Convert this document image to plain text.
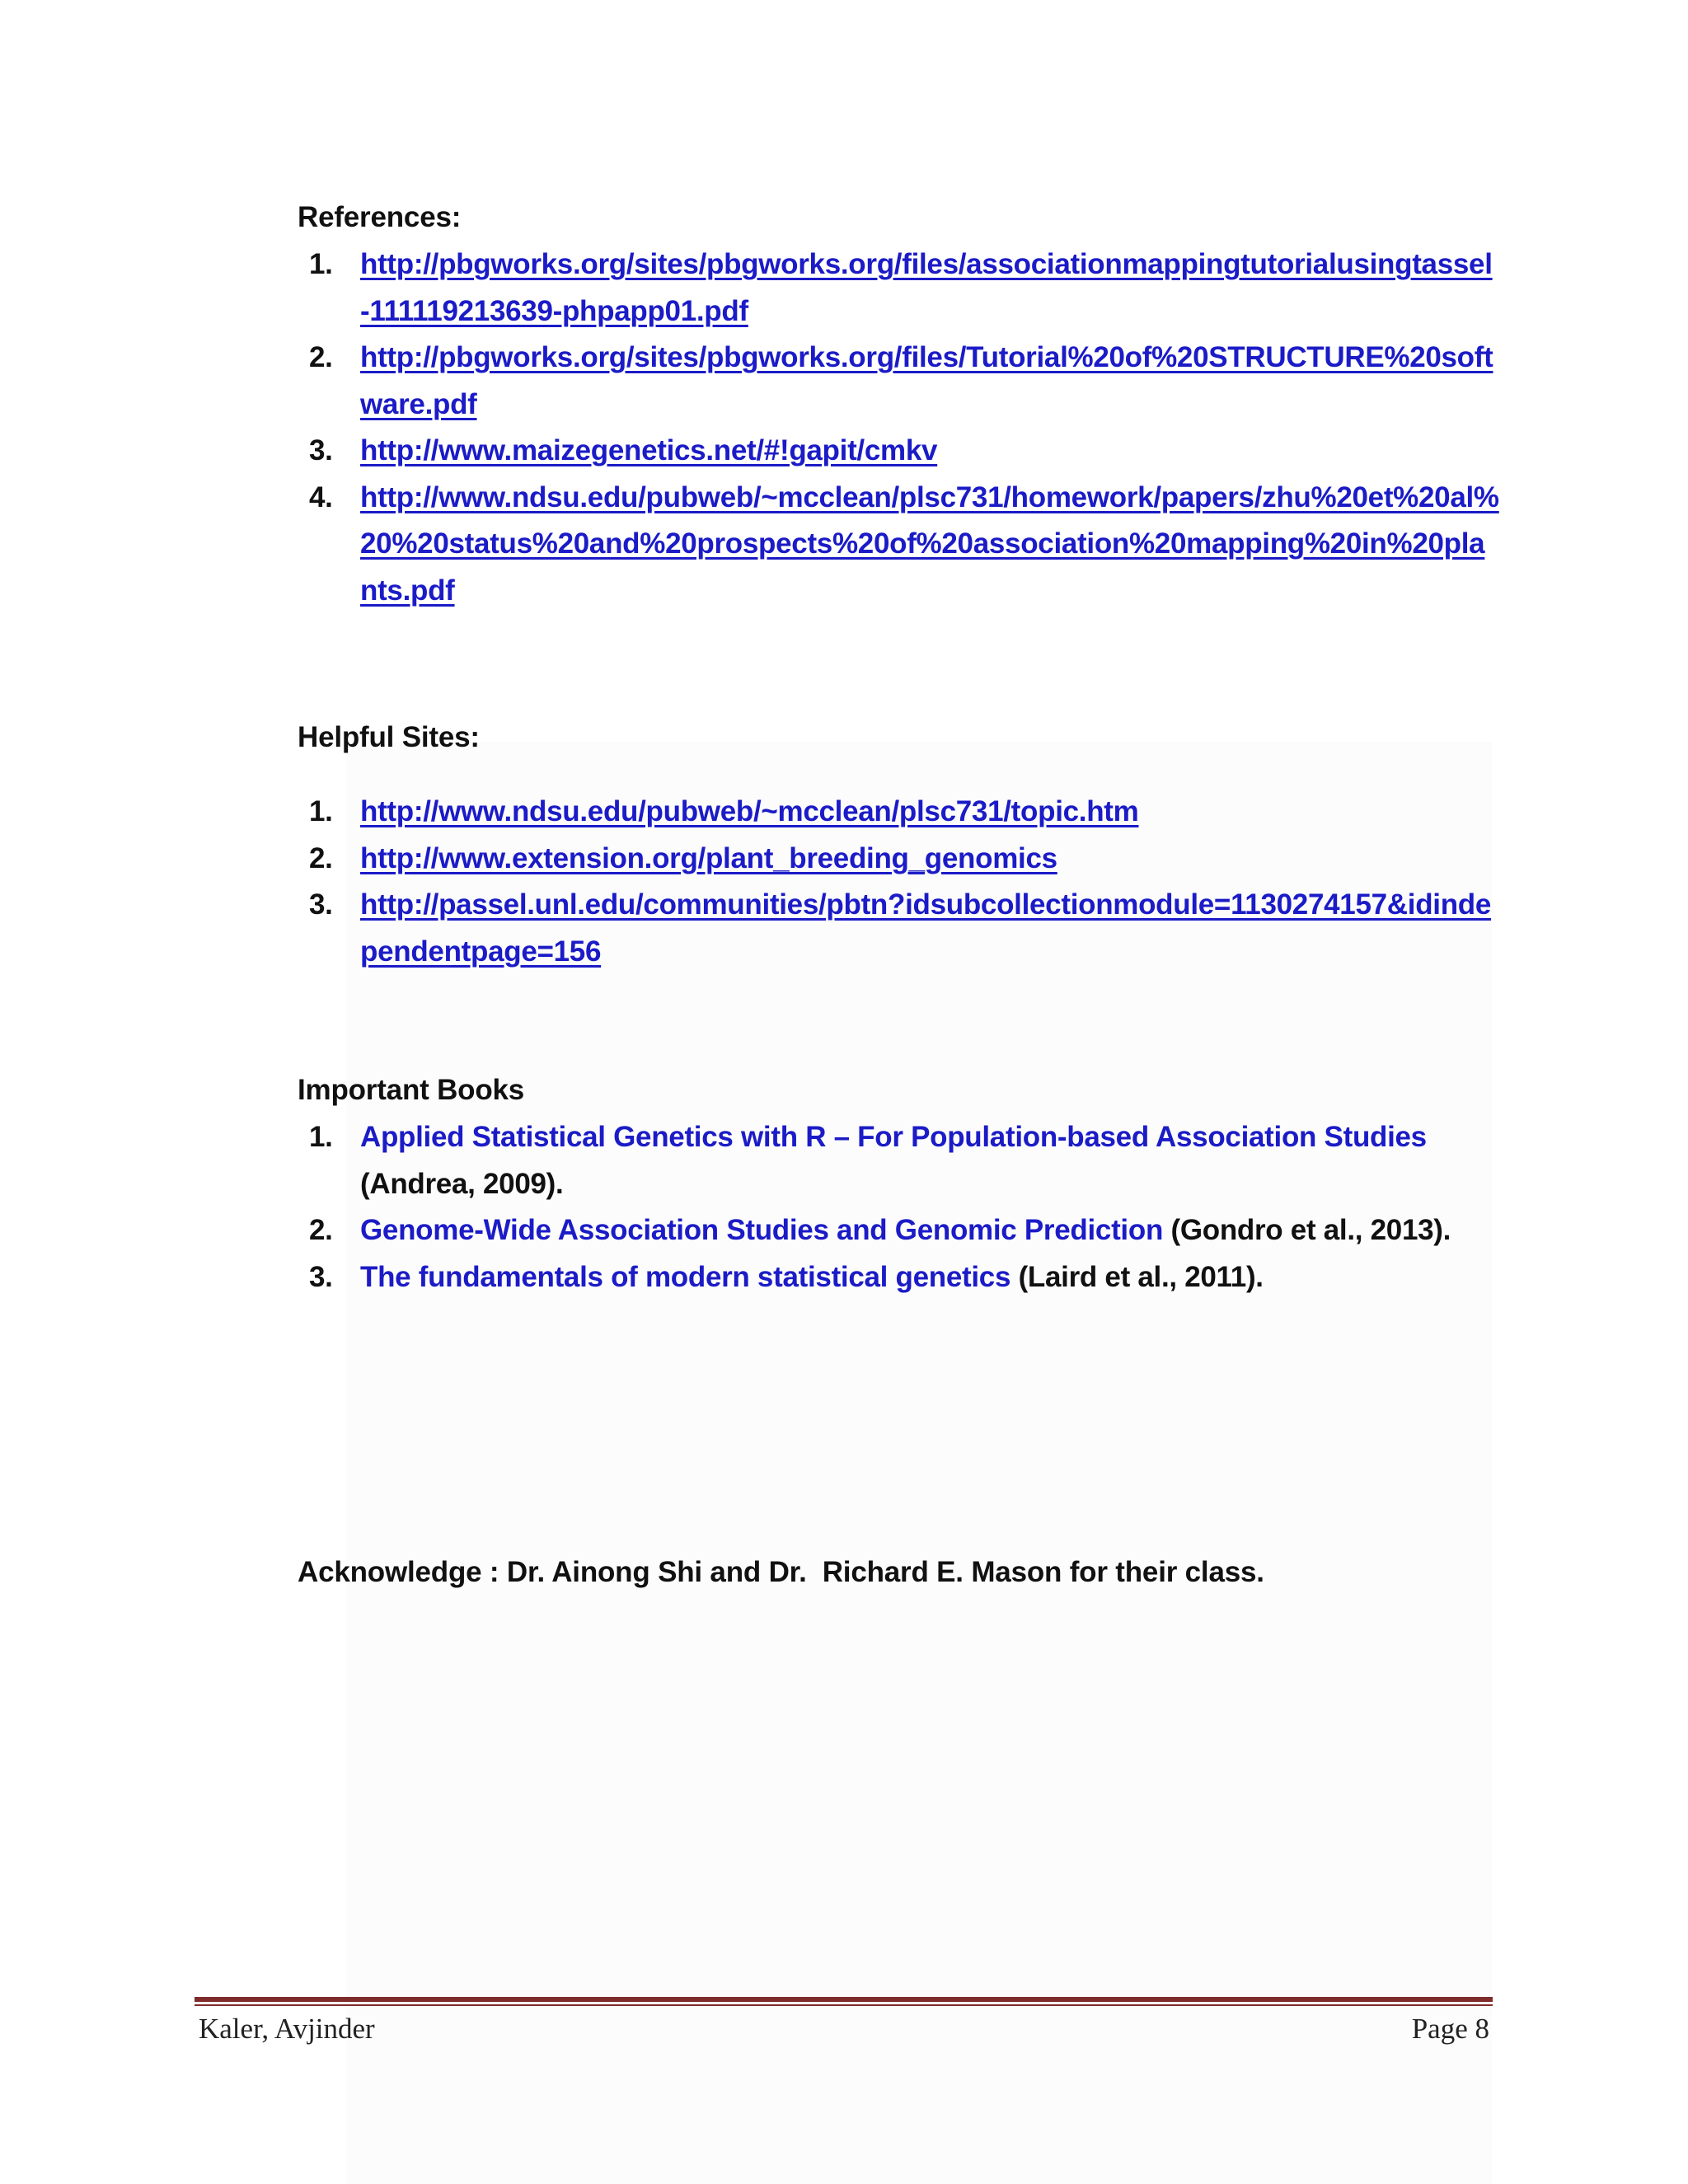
References:
1. http://pbgworks.org/sites/pbgworks.org/files/associationmappingtutorialusingtassel-111119213639-phpapp01.pdf
2. http://pbgworks.org/sites/pbgworks.org/files/Tutorial%20of%20STRUCTURE%20software.pdf
3. http://www.maizegenetics.net/#!gapit/cmkv
4. http://www.ndsu.edu/pubweb/~mcclean/plsc731/homework/papers/zhu%20et%20al%20%20status%20and%20prospects%20of%20association%20mapping%20in%20plants.pdf
Helpful Sites:
1. http://www.ndsu.edu/pubweb/~mcclean/plsc731/topic.htm
2. http://www.extension.org/plant_breeding_genomics
3. http://passel.unl.edu/communities/pbtn?idsubcollectionmodule=1130274157&idindependentpage=156
Important Books
1. Applied Statistical Genetics with R – For Population-based Association Studies (Andrea, 2009).
2. Genome-Wide Association Studies and Genomic Prediction (Gondro et al., 2013).
3. The fundamentals of modern statistical genetics (Laird et al., 2011).
Acknowledge : Dr. Ainong Shi and Dr.  Richard E. Mason for their class.
Kaler, Avjinder	Page 8
